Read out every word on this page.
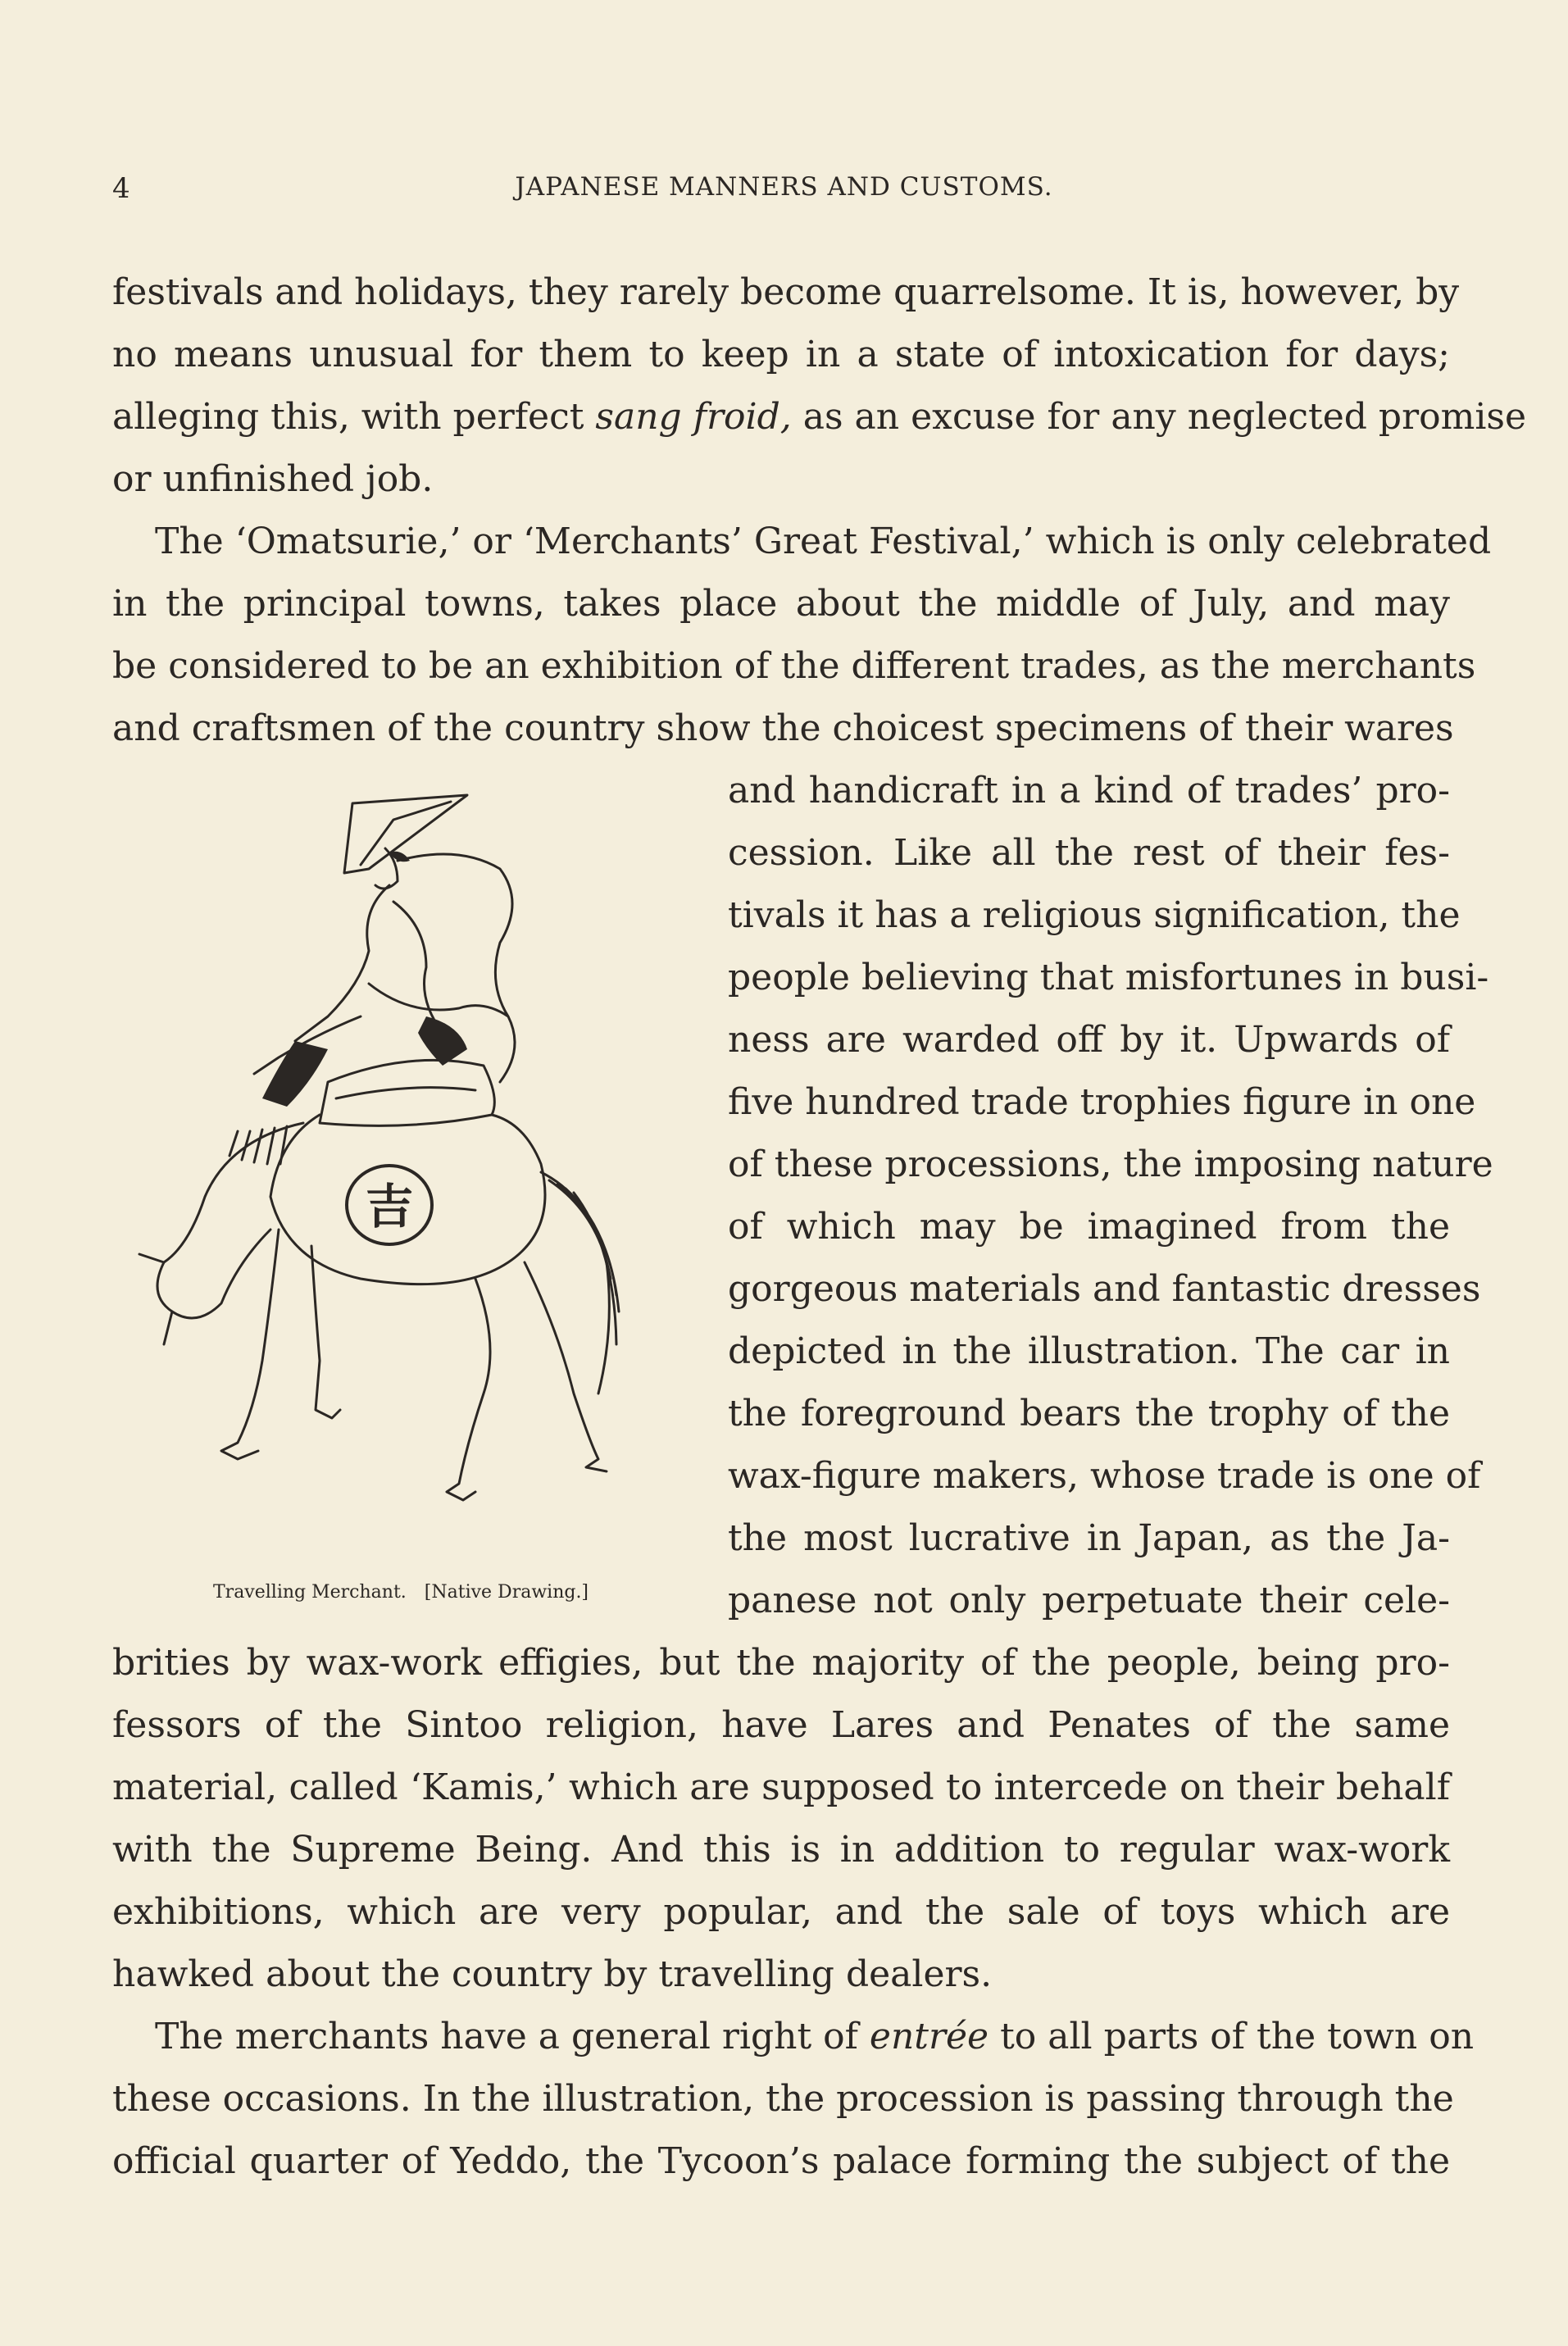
4	JAPANESE MANNERS AND CUSTOMS.
festivals and holidays, they rarely become quarrelsome. It is, however, by
no means unusual for them to keep in a state of intoxication for days;
alleging this, with perfect sang froid, as an excuse for any neglected promise
or unfinished job.
The ‘Omatsurie,’ or ‘Merchants’ Great Festival,’ which is only celebrated
in the principal towns, takes place about the middle of July, and may
be considered to be an exhibition of the different trades, as the merchants
and craftsmen of the country show the choicest specimens of their wares
and handicraft in a kind of trades’ pro-
cession. Like all the rest of their fes-
tivals it has a religious signification, the
people believing that misfortunes in busi-
ness are warded off by it. Upwards of
five hundred trade trophies figure in one
of these processions, the imposing nature
of which may be imagined from the
gorgeous materials and fantastic dresses
depicted in the illustration. The car in
the foreground bears the trophy of the
wax-figure makers, whose trade is one of
the most lucrative in Japan, as the Ja-
panese not only perpetuate their cele-
吉
Travelling Merchant. [Native Drawing.]
brities by wax-work effigies, but the majority of the people, being pro-
fessors of the Sintoo religion, have Lares and Penates of the same
material, called ‘Kamis,’ which are supposed to intercede on their behalf
with the Supreme Being. And this is in addition to regular wax-work
exhibitions, which are very popular, and the sale of toys which are
hawked about the country by travelling dealers.
The merchants have a general right of entrée to all parts of the town on
these occasions. In the illustration, the procession is passing through the
official quarter of Yeddo, the Tycoon’s palace forming the subject of the
